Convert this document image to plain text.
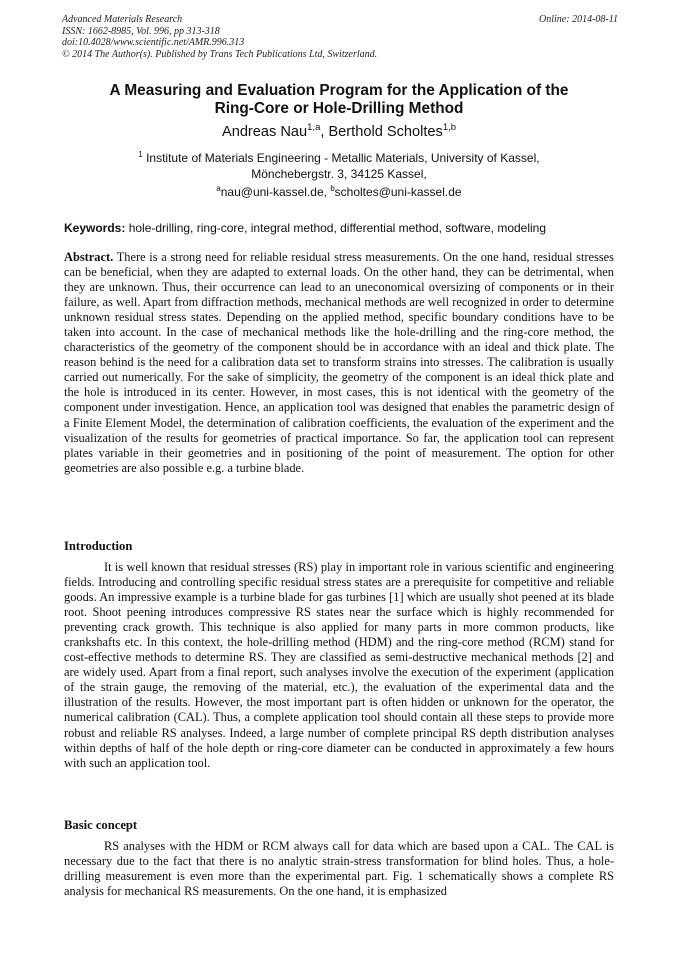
Advanced Materials Research
ISSN: 1662-8985, Vol. 996, pp 313-318
doi:10.4028/www.scientific.net/AMR.996.313
© 2014 The Author(s). Published by Trans Tech Publications Ltd, Switzerland.
Online: 2014-08-11
A Measuring and Evaluation Program for the Application of the
Ring-Core or Hole-Drilling Method
Andreas Nau$^{1,a}$, Berthold Scholtes$^{1,b}$
$^1$ Institute of Materials Engineering - Metallic Materials, University of Kassel,
Mönchebergstr. 3, 34125 Kassel,
$^a$nau@uni-kassel.de, $^b$scholtes@uni-kassel.de
Keywords: hole-drilling, ring-core, integral method, differential method, software, modeling
Abstract. There is a strong need for reliable residual stress measurements. On the one hand, residual stresses can be beneficial, when they are adapted to external loads. On the other hand, they can be detrimental, when they are unknown. Thus, their occurrence can lead to an uneconomical oversizing of components or in their failure, as well. Apart from diffraction methods, mechanical methods are well recognized in order to determine unknown residual stress states. Depending on the applied method, specific boundary conditions have to be taken into account. In the case of mechanical methods like the hole-drilling and the ring-core method, the characteristics of the geometry of the component should be in accordance with an ideal and thick plate. The reason behind is the need for a calibration data set to transform strains into stresses. The calibration is usually carried out numerically. For the sake of simplicity, the geometry of the component is an ideal thick plate and the hole is introduced in its center. However, in most cases, this is not identical with the geometry of the component under investigation. Hence, an application tool was designed that enables the parametric design of a Finite Element Model, the determination of calibration coefficients, the evaluation of the experiment and the visualization of the results for geometries of practical importance. So far, the application tool can represent plates variable in their geometries and in positioning of the point of measurement. The option for other geometries are also possible e.g. a turbine blade.
Introduction
It is well known that residual stresses (RS) play in important role in various scientific and engineering fields. Introducing and controlling specific residual stress states are a prerequisite for competitive and reliable goods. An impressive example is a turbine blade for gas turbines [1] which are usually shot peened at its blade root. Shoot peening introduces compressive RS states near the surface which is highly recommended for preventing crack growth. This technique is also applied for many parts in more common products, like crankshafts etc. In this context, the hole-drilling method (HDM) and the ring-core method (RCM) stand for cost-effective methods to determine RS. They are classified as semi-destructive mechanical methods [2] and are widely used. Apart from a final report, such analyses involve the execution of the experiment (application of the strain gauge, the removing of the material, etc.), the evaluation of the experimental data and the illustration of the results. However, the most important part is often hidden or unknown for the operator, the numerical calibration (CAL). Thus, a complete application tool should contain all these steps to provide more robust and reliable RS analyses. Indeed, a large number of complete principal RS depth distribution analyses within depths of half of the hole depth or ring-core diameter can be conducted in approximately a few hours with such an application tool.
Basic concept
RS analyses with the HDM or RCM always call for data which are based upon a CAL. The CAL is necessary due to the fact that there is no analytic strain-stress transformation for blind holes. Thus, a hole-drilling measurement is even more than the experimental part. Fig. 1 schematically shows a complete RS analysis for mechanical RS measurements. On the one hand, it is emphasized
